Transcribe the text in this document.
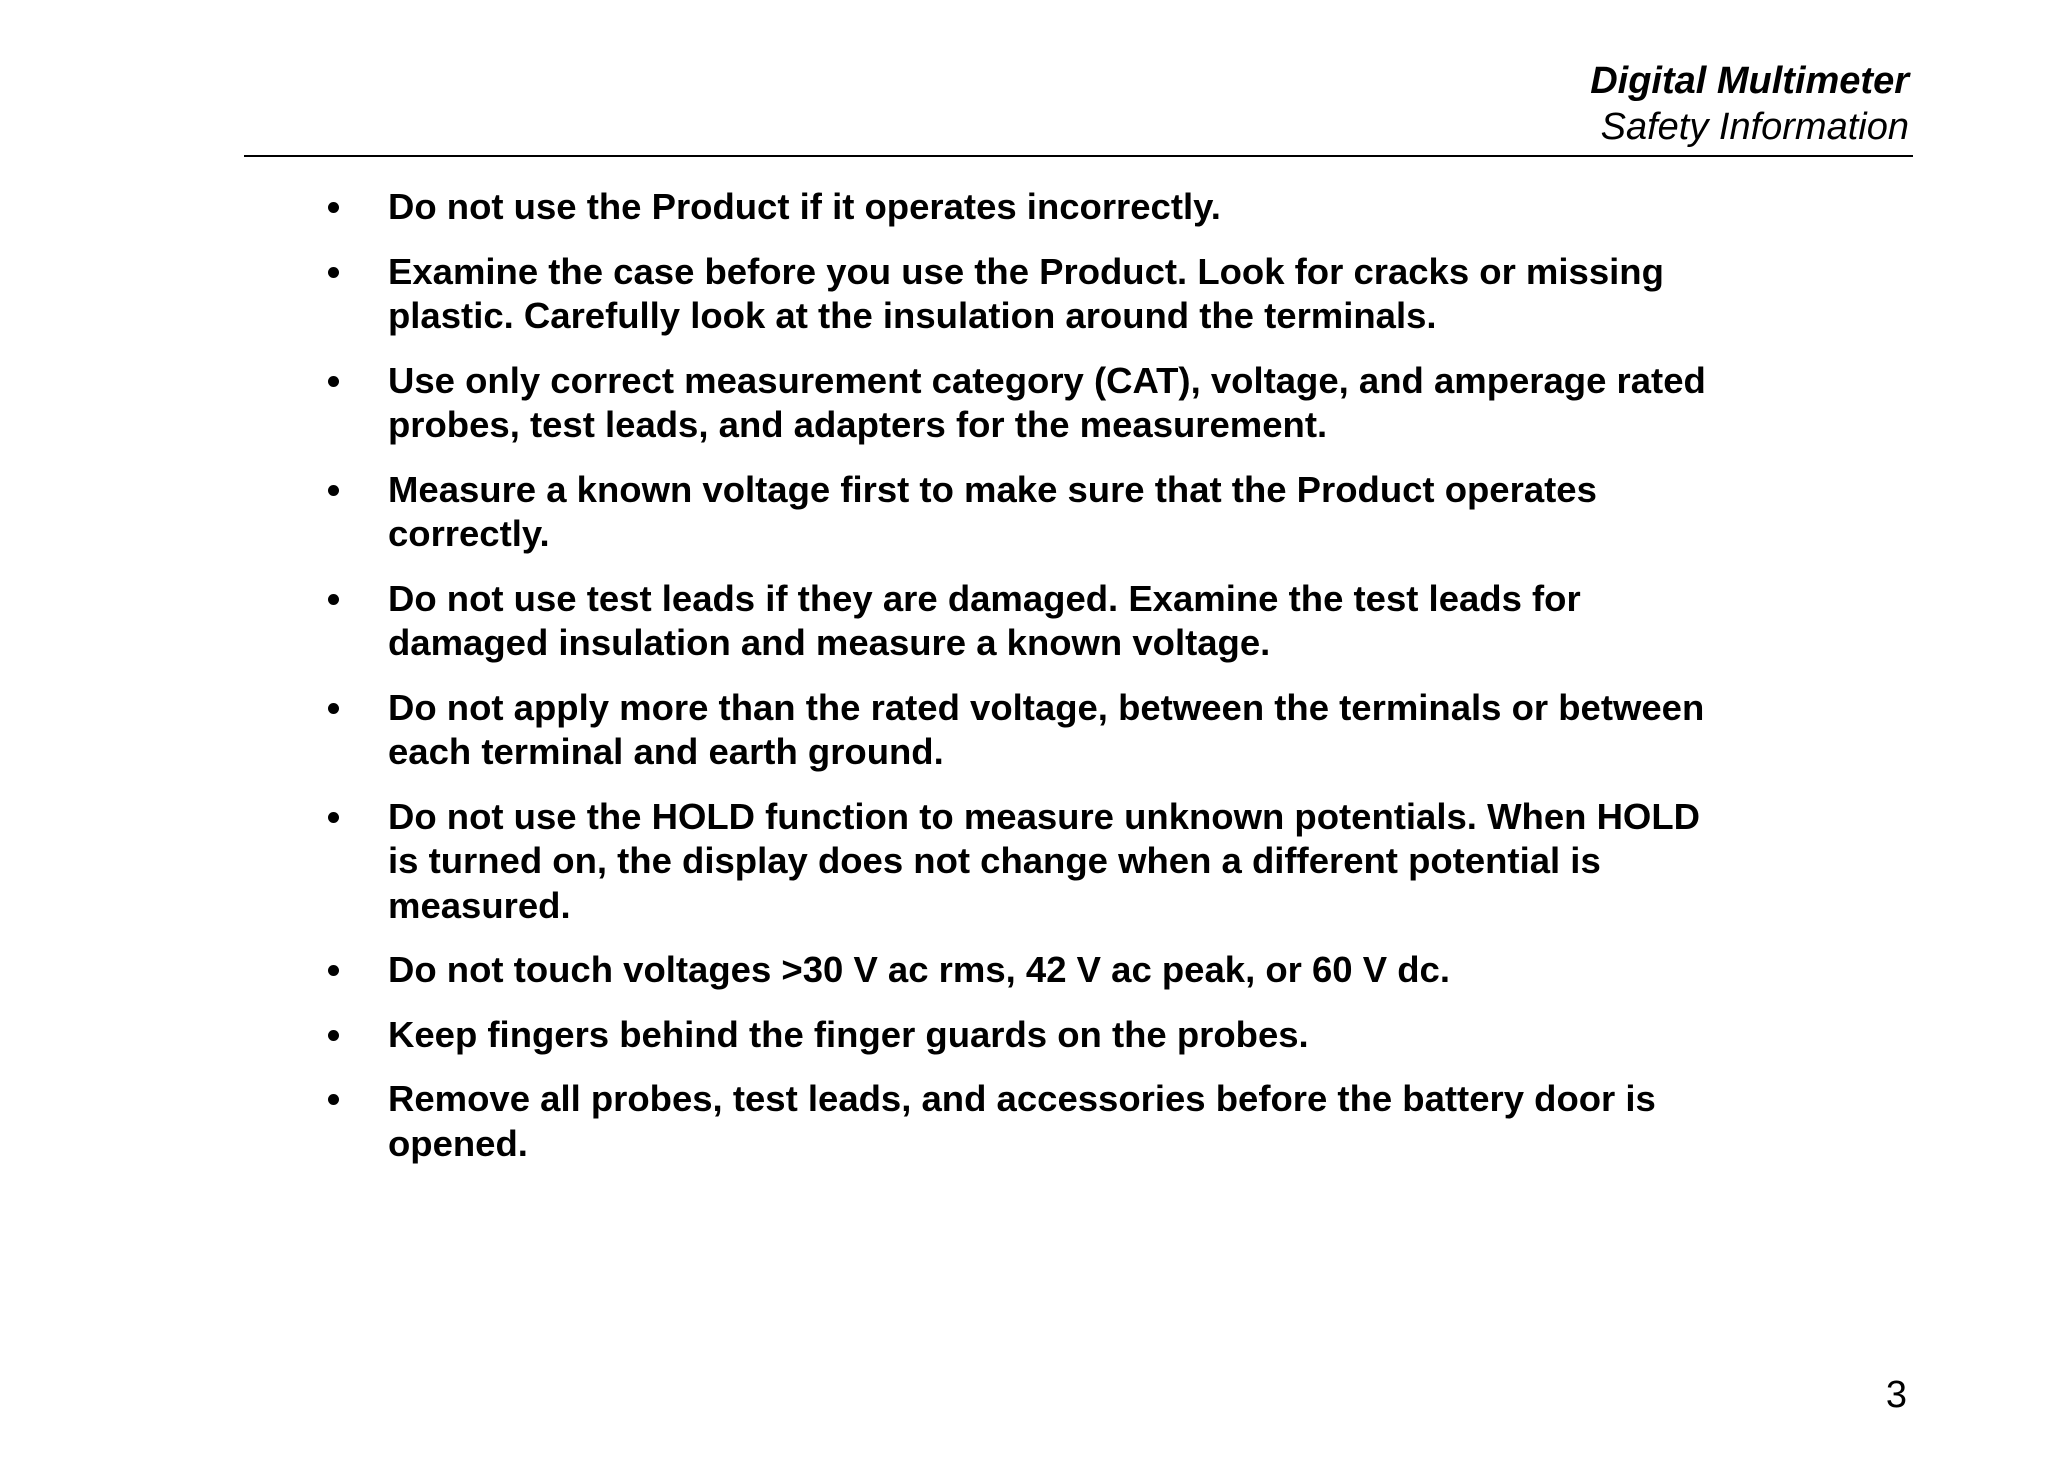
Digital Multimeter
Safety Information
Do not use the Product if it operates incorrectly.
Examine the case before you use the Product. Look for cracks or missing
plastic. Carefully look at the insulation around the terminals.
Use only correct measurement category (CAT), voltage, and amperage rated
probes, test leads, and adapters for the measurement.
Measure a known voltage first to make sure that the Product operates
correctly.
Do not use test leads if they are damaged. Examine the test leads for
damaged insulation and measure a known voltage.
Do not apply more than the rated voltage, between the terminals or between
each terminal and earth ground.
Do not use the HOLD function to measure unknown potentials. When HOLD
is turned on, the display does not change when a different potential is
measured.
Do not touch voltages >30 V ac rms, 42 V ac peak, or 60 V dc.
Keep fingers behind the finger guards on the probes.
Remove all probes, test leads, and accessories before the battery door is
opened.
3
